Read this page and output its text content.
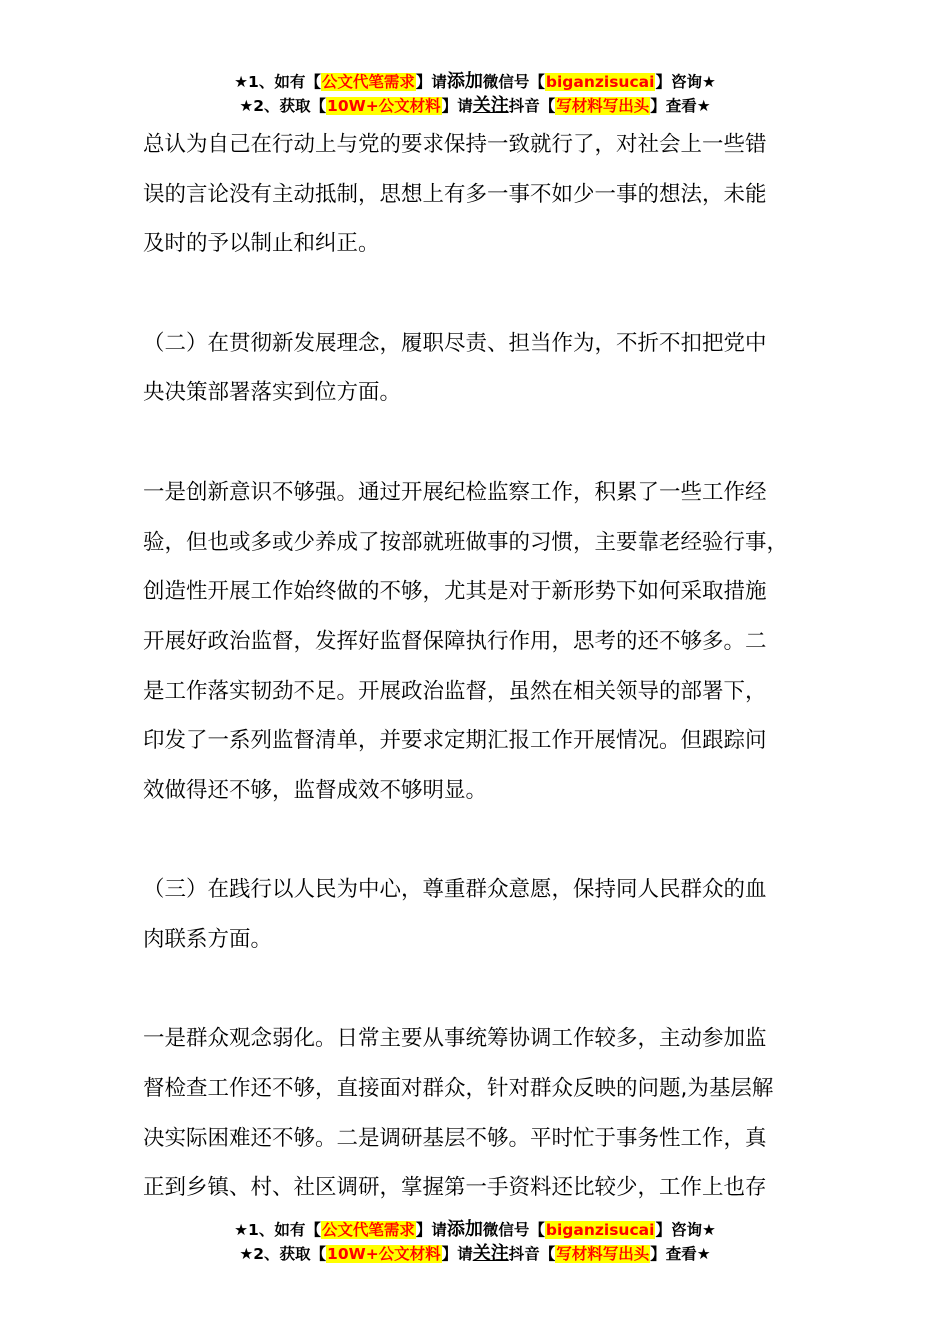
★1、如有【公文代笔需求】请添加微信号【biganzisucai】咨询★
★2、获取【10W+公文材料】请关注抖音【写材料写出头】查看★
总认为自己在行动上与党的要求保持一致就行了，对社会上一些错
误的言论没有主动抵制，思想上有多一事不如少一事的想法，未能
及时的予以制止和纠正。
（二）在贯彻新发展理念，履职尽责、担当作为，不折不扣把党中
央决策部署落实到位方面。
一是创新意识不够强。通过开展纪检监察工作，积累了一些工作经
验，但也或多或少养成了按部就班做事的习惯，主要靠老经验行事，
创造性开展工作始终做的不够，尤其是对于新形势下如何采取措施
开展好政治监督，发挥好监督保障执行作用，思考的还不够多。二
是工作落实韧劲不足。开展政治监督，虽然在相关领导的部署下，
印发了一系列监督清单，并要求定期汇报工作开展情况。但跟踪问
效做得还不够，监督成效不够明显。
（三）在践行以人民为中心，尊重群众意愿，保持同人民群众的血
肉联系方面。
一是群众观念弱化。日常主要从事统筹协调工作较多，主动参加监
督检查工作还不够，直接面对群众，针对群众反映的问题,为基层解
决实际困难还不够。二是调研基层不够。平时忙于事务性工作，真
正到乡镇、村、社区调研，掌握第一手资料还比较少，工作上也存
★1、如有【公文代笔需求】请添加微信号【biganzisucai】咨询★
★2、获取【10W+公文材料】请关注抖音【写材料写出头】查看★
